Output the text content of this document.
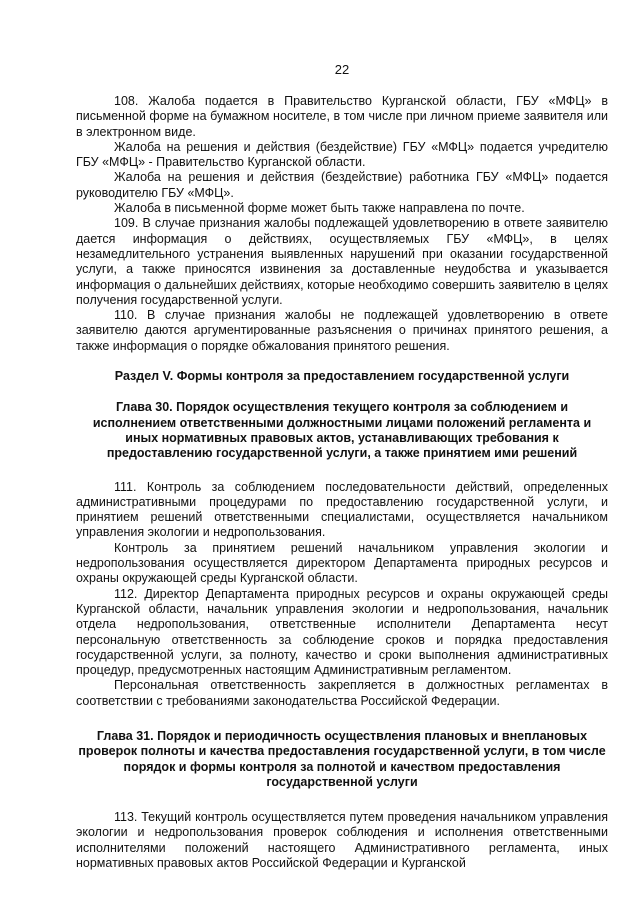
22

108. Жалоба подается в Правительство Курганской области, ГБУ «МФЦ» в письменной форме на бумажном носителе, в том числе при личном приеме заявителя или в электронном виде.

Жалоба на решения и действия (бездействие) ГБУ «МФЦ» подается учредителю ГБУ «МФЦ» - Правительство Курганской области.

Жалоба на решения и действия (бездействие) работника ГБУ «МФЦ» подается руководителю ГБУ «МФЦ».

Жалоба в письменной форме может быть также направлена по почте.

109. В случае признания жалобы подлежащей удовлетворению в ответе заявителю дается информация о действиях, осуществляемых ГБУ «МФЦ», в целях незамедлительного устранения выявленных нарушений при оказании государственной услуги, а также приносятся извинения за доставленные неудобства и указывается информация о дальнейших действиях, которые необходимо совершить заявителю в целях получения государственной услуги.

110. В случае признания жалобы не подлежащей удовлетворению в ответе заявителю даются аргументированные разъяснения о причинах принятого решения, а также информация о порядке обжалования принятого решения.

Раздел V. Формы контроля за предоставлением государственной услуги
Глава 30. Порядок осуществления текущего контроля за соблюдением и исполнением ответственными должностными лицами положений регламента и иных нормативных правовых актов, устанавливающих требования к предоставлению государственной услуги, а также принятием ими решений

111. Контроль за соблюдением последовательности действий, определенных административными процедурами по предоставлению государственной услуги, и принятием решений ответственными специалистами, осуществляется начальником управления экологии и недропользования.

Контроль за принятием решений начальником управления экологии и недропользования осуществляется директором Департамента природных ресурсов и охраны окружающей среды Курганской области.

112. Директор Департамента природных ресурсов и охраны окружающей среды Курганской области, начальник управления экологии и недропользования, начальник отдела недропользования, ответственные исполнители Департамента несут персональную ответственность за соблюдение сроков и порядка предоставления государственной услуги, за полноту, качество и сроки выполнения административных процедур, предусмотренных настоящим Административным регламентом.

Персональная ответственность закрепляется в должностных регламентах в соответствии с требованиями законодательства Российской Федерации.

Глава 31. Порядок и периодичность осуществления плановых и внеплановых проверок полноты и качества предоставления государственной услуги, в том числе порядок и формы контроля за полнотой и качеством предоставления государственной услуги

113. Текущий контроль осуществляется путем проведения начальником управления экологии и недропользования проверок соблюдения и исполнения ответственными исполнителями положений настоящего Административного регламента, иных нормативных правовых актов Российской Федерации и Курганской
